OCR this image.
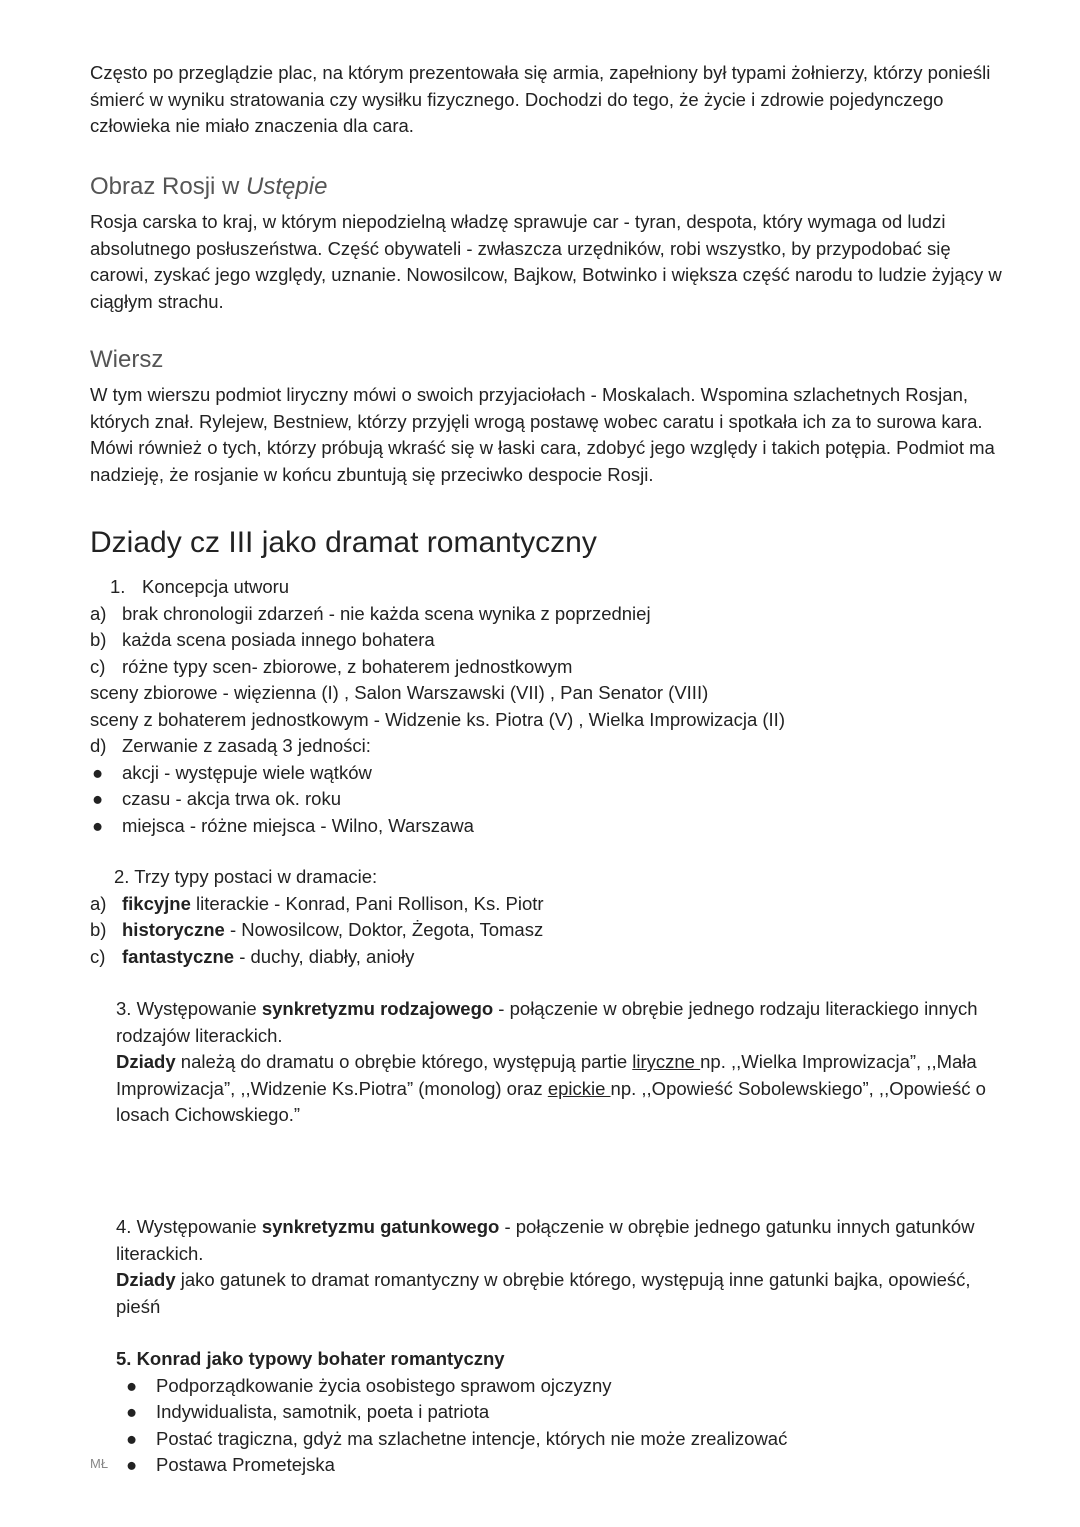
Często po przeglądzie plac, na którym prezentowała się armia, zapełniony był typami żołnierzy, którzy ponieśli śmierć w wyniku stratowania czy wysiłku fizycznego. Dochodzi do tego, że życie i zdrowie pojedynczego człowieka nie miało znaczenia dla cara.

Obraz Rosji w Ustępie

Rosja carska to kraj, w którym niepodzielną władzę sprawuje car - tyran, despota, który wymaga od ludzi absolutnego posłuszeństwa. Część obywateli - zwłaszcza urzędników, robi wszystko, by przypodobać się carowi, zyskać jego względy, uznanie. Nowosilcow, Bajkow, Botwinko i większa część narodu to ludzie żyjący w ciągłym strachu.

Wiersz

W tym wierszu podmiot liryczny mówi o swoich przyjaciołach - Moskalach. Wspomina szlachetnych Rosjan, których znał. Rylejew, Bestniew, którzy przyjęli wrogą postawę wobec caratu i spotkała ich za to surowa kara. Mówi również o tych, którzy próbują wkraść się w łaski cara, zdobyć jego względy i takich potępia. Podmiot ma nadzieję, że rosjanie w końcu zbuntują się przeciwko despocie Rosji.

Dziady cz III jako dramat romantyczny
1. Koncepcja utworu
a) brak chronologii zdarzeń - nie każda scena wynika z poprzedniej
b) każda scena posiada innego bohatera
c) różne typy scen- zbiorowe, z bohaterem jednostkowym

sceny zbiorowe - więzienna (I) , Salon Warszawski (VII) , Pan Senator (VIII)

sceny z bohaterem jednostkowym - Widzenie ks. Piotra (V) , Wielka Improwizacja (II)

d) Zerwanie z zasadą 3 jedności:
●	akcji - występuje wiele wątków
●	czasu - akcja trwa ok. roku
●	miejsca - różne miejsca - Wilno, Warszawa

2. Trzy typy postaci w dramacie:

a) fikcyjne literackie - Konrad, Pani Rollison, Ks. Piotr
b) historyczne - Nowosilcow, Doktor, Żegota, Tomasz
c) fantastyczne - duchy, diabły, anioły

3. Występowanie synkretyzmu rodzajowego - połączenie w obrębie jednego rodzaju literackiego innych rodzajów literackich.

Dziady należą do dramatu o obrębie którego, występują partie liryczne np. ,,Wielka Improwizacja”, ,,Mała Improwizacja”, ,,Widzenie Ks.Piotra” (monolog) oraz epickie np. ,,Opowieść Sobolewskiego”, ,,Opowieść o losach Cichowskiego.”

4. Występowanie synkretyzmu gatunkowego - połączenie w obrębie jednego gatunku innych gatunków literackich.

Dziady jako gatunek to dramat romantyczny w obrębie którego, występują inne gatunki bajka, opowieść, pieśń

5. Konrad jako typowy bohater romantyczny

●	Podporządkowanie życia osobistego sprawom ojczyzny
●	Indywidualista, samotnik, poeta i patriota
●	Postać tragiczna, gdyż ma szlachetne intencje, których nie może zrealizować
●	Postawa Prometejska
MŁ
